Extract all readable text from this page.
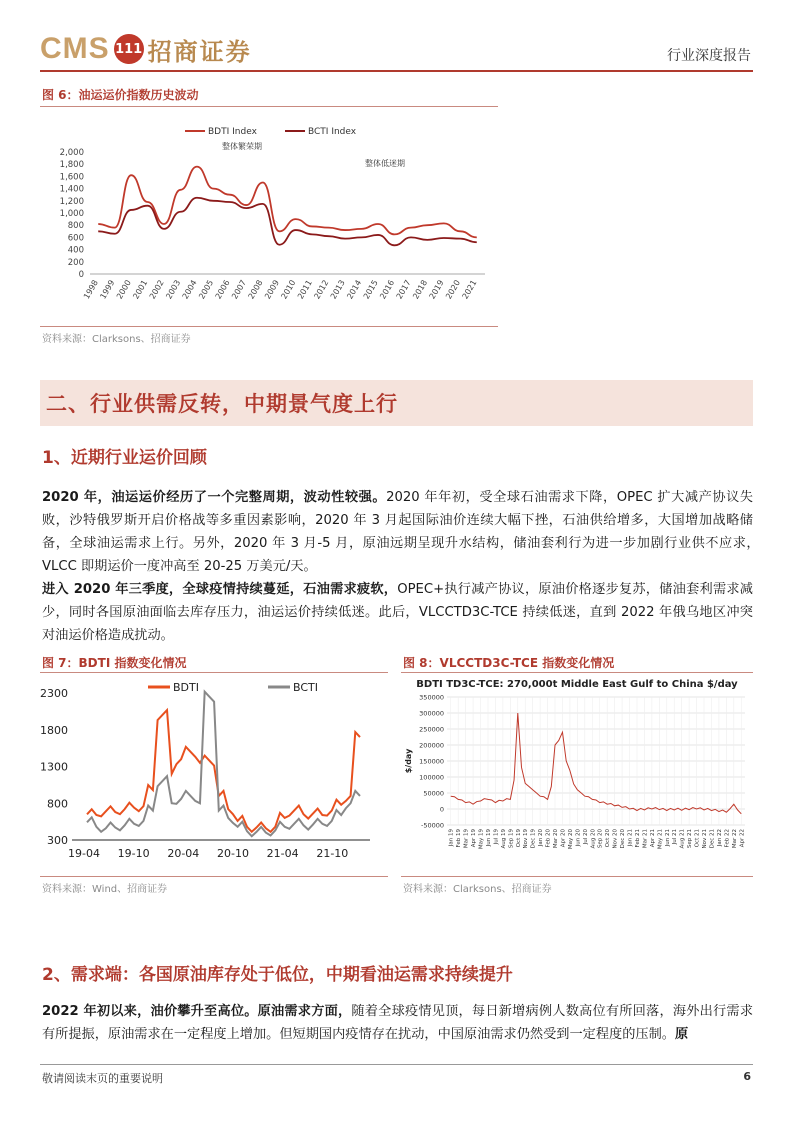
CMS 111 招商证券	行业深度报告
图 6：油运运价指数历史波动
BDTI Index	BCTI Index
整体繁荣期
整体低迷期
0
200
400
600
800
1,000
1,200
1,400
1,600
1,800
2,000
1998
1999
2000
2001
2002
2003
2004
2005
2006
2007
2008
2009
2010
2011
2012
2013
2014
2015
2016
2017
2018
2019
2020
2021
资料来源：Clarksons、招商证券
二、行业供需反转，中期景气度上行
1、近期行业运价回顾
2020 年，油运运价经历了一个完整周期，波动性较强。2020 年年初，受全球石油需求下降，OPEC 扩大减产协议失败，沙特俄罗斯开启价格战等多重因素影响，2020 年 3 月起国际油价连续大幅下挫，石油供给增多，大国增加战略储备，全球油运需求上行。另外，2020 年 3 月-5 月，原油远期呈现升水结构，储油套利行为进一步加剧行业供不应求，　VLCC 即期运价一度冲高至 20-25 万美元/天。
进入 2020 年三季度，全球疫情持续蔓延，石油需求疲软，OPEC+执行减产协议，原油价格逐步复苏，储油套利需求减少，同时各国原油面临去库存压力，油运运价持续低迷。此后，VLCCTD3C-TCE 持续低迷，直到 2022 年俄乌地区冲突对油运价格造成扰动。
图 7：BDTI 指数变化情况
BDTI	BCTI
2300
1800
1300
800
300
19-04 19-10 20-04 20-10 21-04 21-10
资料来源：Wind、招商证券
图 8：VLCCTD3C-TCE 指数变化情况
BDTI TD3C-TCE: 270,000t Middle East Gulf to China $/day
$/day
350000
300000
250000
200000
150000
100000
50000
0
-50000
Jan 19 Feb 19 Mar 19 Apr 19 May 19 Jun 19 Jul 19 Aug 19 Sep 19 Oct 19 Nov 19 Dec 19 Jan 20 Feb 20 Mar 20 Apr 20 May 20 Jun 20 Jul 20 Aug 20 Sep 20 Oct 20 Nov 20 Dec 20 Jan 21 Feb 21 Mar 21 Apr 21 May 21 Jun 21 Jul 21 Aug 21 Sep 21 Oct 21 Nov 21 Dec 21 Jan 22 Feb 22 Mar 22 Apr 22
资料来源：Clarksons、招商证券
2、需求端：各国原油库存处于低位，中期看油运需求持续提升
2022 年初以来，油价攀升至高位。原油需求方面，随着全球疫情见顶，每日新增病例人数高位有所回落，海外出行需求有所提振，原油需求在一定程度上增加。但短期国内疫情存在扰动，中国原油需求仍然受到一定程度的压制。原
敬请阅读末页的重要说明	6
